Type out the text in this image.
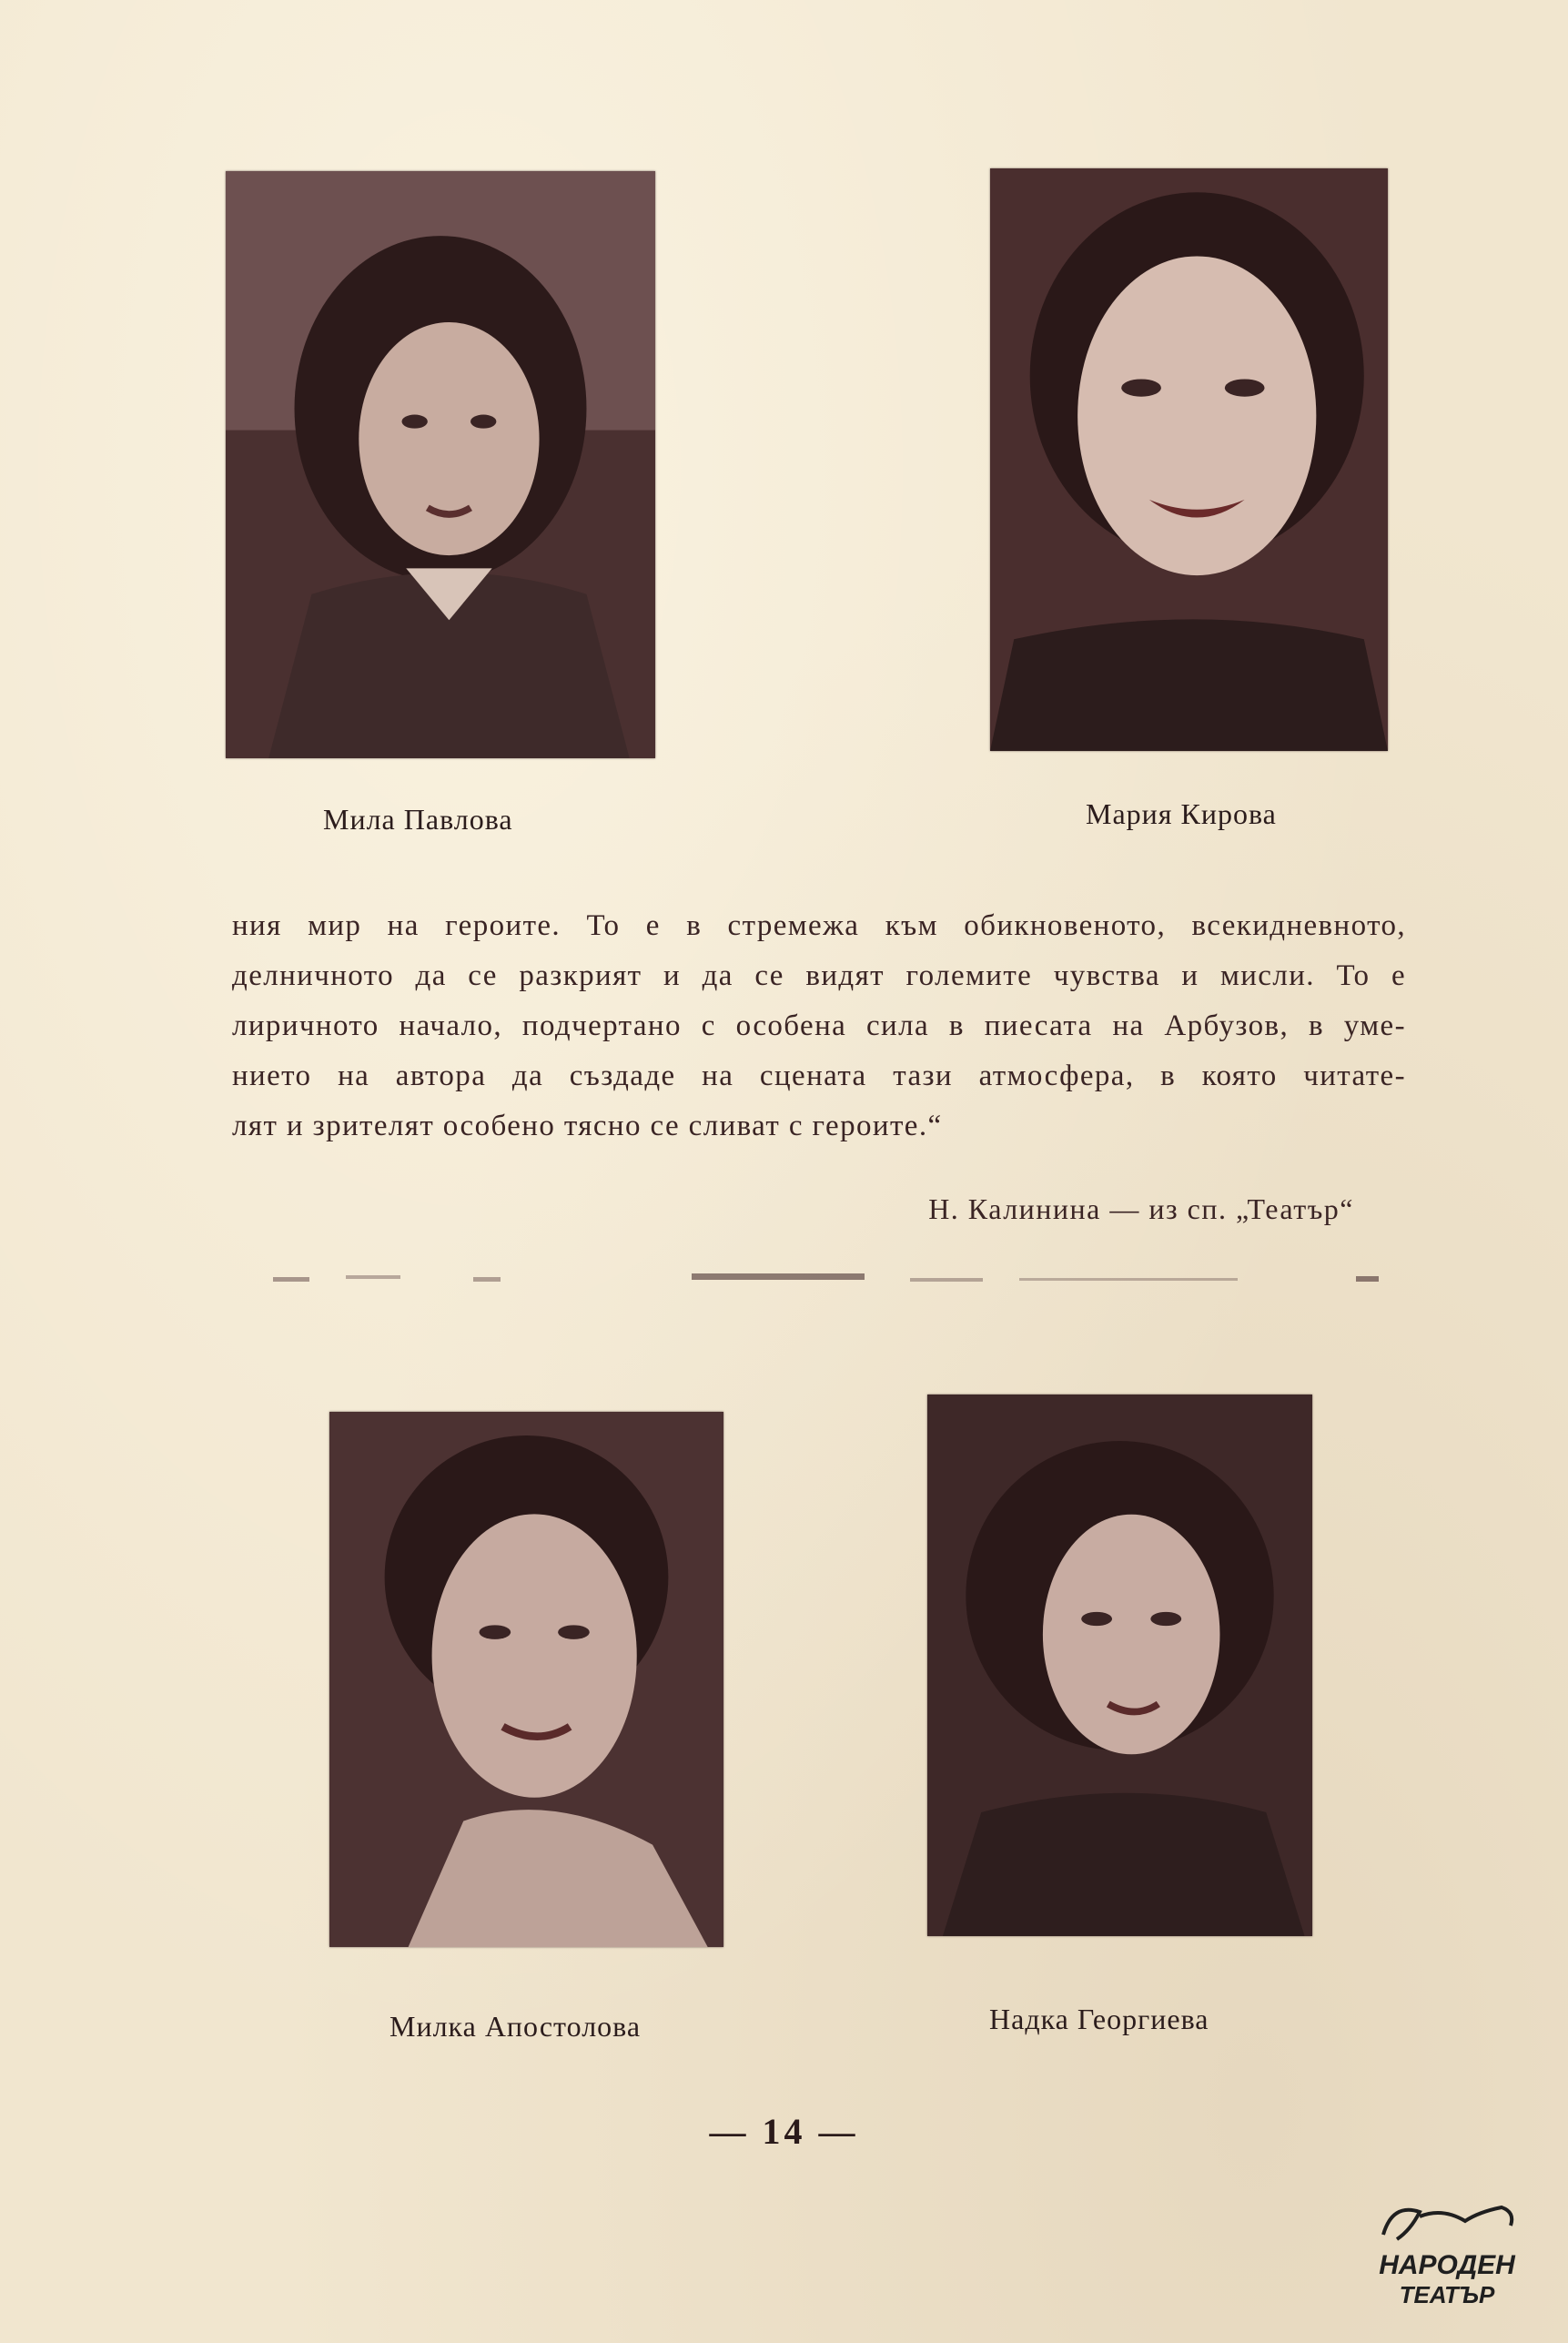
Мила Павлова	Мария Кирова
ния мир на героите. То е в стремежа към обикновеното, всекидневното,
делничното да се разкрият и да се видят големите чувства и мисли. То е
лиричното начало, подчертано с особена сила в пиесата на Арбузов, в уме-
нието на автора да създаде на сцената тази атмосфера, в която читате-
лят и зрителят особено тясно се сливат с героите.“
Н. Калинина — из сп. „Театър“
Милка Апостолова	Надка Георгиева
— 14 —
НАРОДЕН
ТЕАТЪР
